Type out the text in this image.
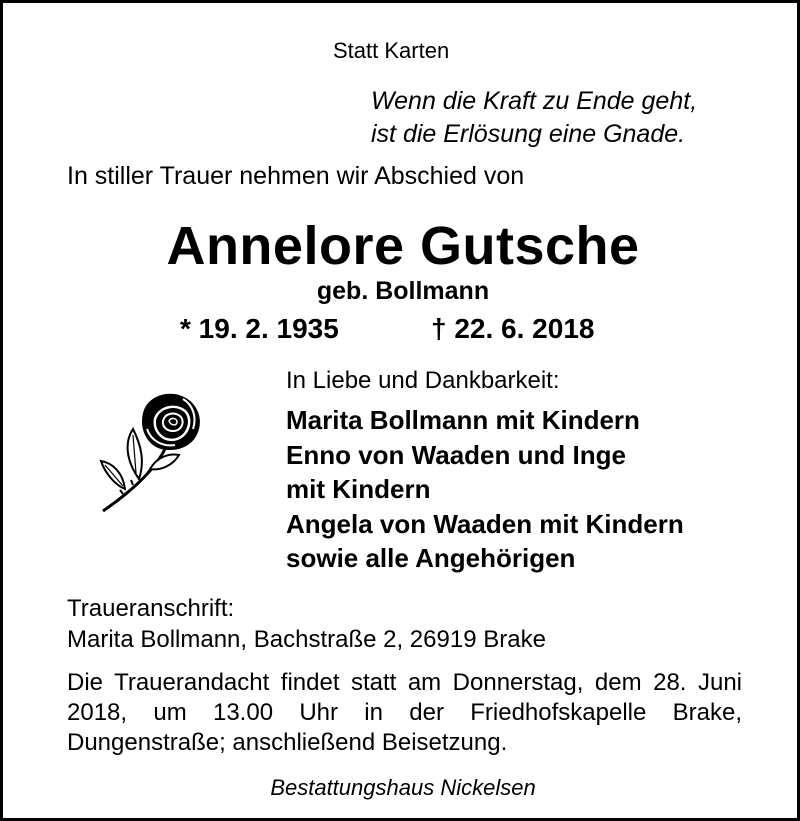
Statt Karten
Wenn die Kraft zu Ende geht,
ist die Erlösung eine Gnade.
In stiller Trauer nehmen wir Abschied von
Annelore Gutsche
geb. Bollmann
* 19. 2. 1935	† 22. 6. 2018
In Liebe und Dankbarkeit:
Marita Bollmann mit Kindern
Enno von Waaden und Inge
mit Kindern
Angela von Waaden mit Kindern
sowie alle Angehörigen
Traueranschrift:
Marita Bollmann, Bachstraße 2, 26919 Brake
Die Trauerandacht findet statt am Donnerstag, dem 28. Juni 2018, um 13.00 Uhr in der Friedhofskapelle Brake, Dungenstraße; anschließend Beisetzung.
Bestattungshaus Nickelsen
